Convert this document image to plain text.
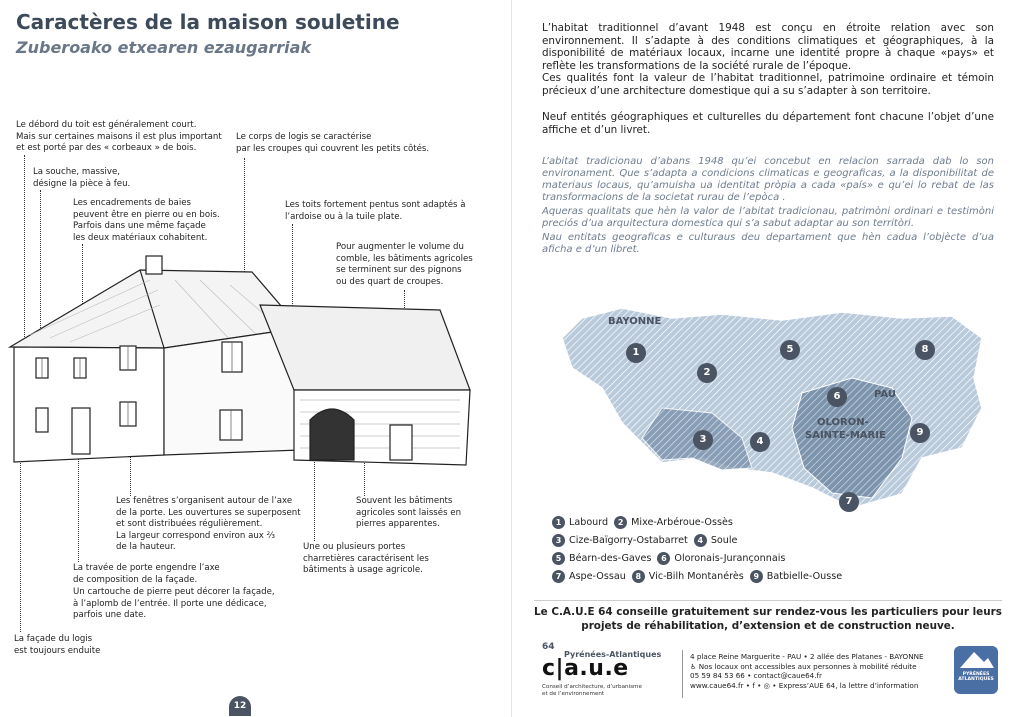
Caractères de la maison souletine
Zuberoako etxearen ezaugarriak
Le débord du toit est généralement court.
Mais sur certaines maisons il est plus important
et est porté par des « corbeaux » de bois.
Le corps de logis se caractérise
par les croupes qui couvrent les petits côtés.
La souche, massive,
désigne la pièce à feu.
Les encadrements de baies
peuvent être en pierre ou en bois.
Parfois dans une même façade
les deux matériaux cohabitent.
Les toits fortement pentus sont adaptés à
l’ardoise ou à la tuile plate.
Pour augmenter le volume du
comble, les bâtiments agricoles
se terminent sur des pignons
ou des quart de croupes.
Les fenêtres s’organisent autour de l’axe
de la porte. Les ouvertures se superposent
et sont distribuées régulièrement.
La largeur correspond environ aux ⅔
de la hauteur.
Souvent les bâtiments
agricoles sont laissés en
pierres apparentes.
Une ou plusieurs portes
charretières caractérisent les
bâtiments à usage agricole.
La travée de porte engendre l’axe
de composition de la façade.
Un cartouche de pierre peut décorer la façade,
à l’aplomb de l’entrée. Il porte une dédicace,
parfois une date.
La façade du logis
est toujours enduite
12

L’habitat traditionnel d’avant 1948 est conçu en étroite relation avec son environnement. Il s’adapte à des conditions climatiques et géographiques, à la disponibilité de matériaux locaux, incarne une identité propre à chaque «pays» et reflète les transformations de la société rurale de l’époque.

Ces qualités font la valeur de l’habitat traditionnel, patrimoine ordinaire et témoin précieux d’une architecture domestique qui a su s’adapter à son territoire.

Neuf entités géographiques et culturelles du département font chacune l’objet d’une affiche et d’un livret.

L’abitat tradicionau d’abans 1948 qu’ei concebut en relacion sarrada dab lo son environament. Que s’adapta a condicions climaticas e geograficas, a la disponibilitat de materiaus locaus, qu’amuisha ua identitat pròpia a cada «país» e qu’ei lo rebat de las transformacions de la societat rurau de l’epòca .

Aqueras qualitats que hèn la valor de l’abitat tradicionau, patrimòni ordinari e testimòni preciós d’ua arquitectura domestica qui s’a sabut adaptar au son territòri.

Nau entitats geograficas e culturaus deu departament que hèn cadua l’objècte d’ua aficha e d’un libret.

BAYONNE
PAU
OLORON-
SAINTE-MARIE
1
2
3	4
5
6
7
8
9
1 Labourd	2 Mixe-Arbéroue-Ossès
3 Cize-Baïgorry-Ostabarret	4 Soule
5 Béarn-des-Gaves	6 Oloronais-Jurançonnais
7 Aspe-Ossau	8 Vic-Bilh Montanérès	9 Batbielle-Ousse
Le C.A.U.E 64 conseille gratuitement sur rendez-vous les particuliers pour leurs
projets de réhabilitation, d’extension et de construction neuve.
64
Pyrénées-Atlantiques
c|a.u.e
Conseil d’architecture, d’urbanisme
et de l’environnement
4 place Reine Marguerite - PAU • 2 allée des Platanes - BAYONNE
♿ Nos locaux ont accessibles aux personnes à mobilité réduite
05 59 84 53 66 • contact@caue64.fr
www.caue64.fr • f • ◎ • Express’AUE 64, la lettre d’information
PYRÉNÉES
ATLANTIQUES
